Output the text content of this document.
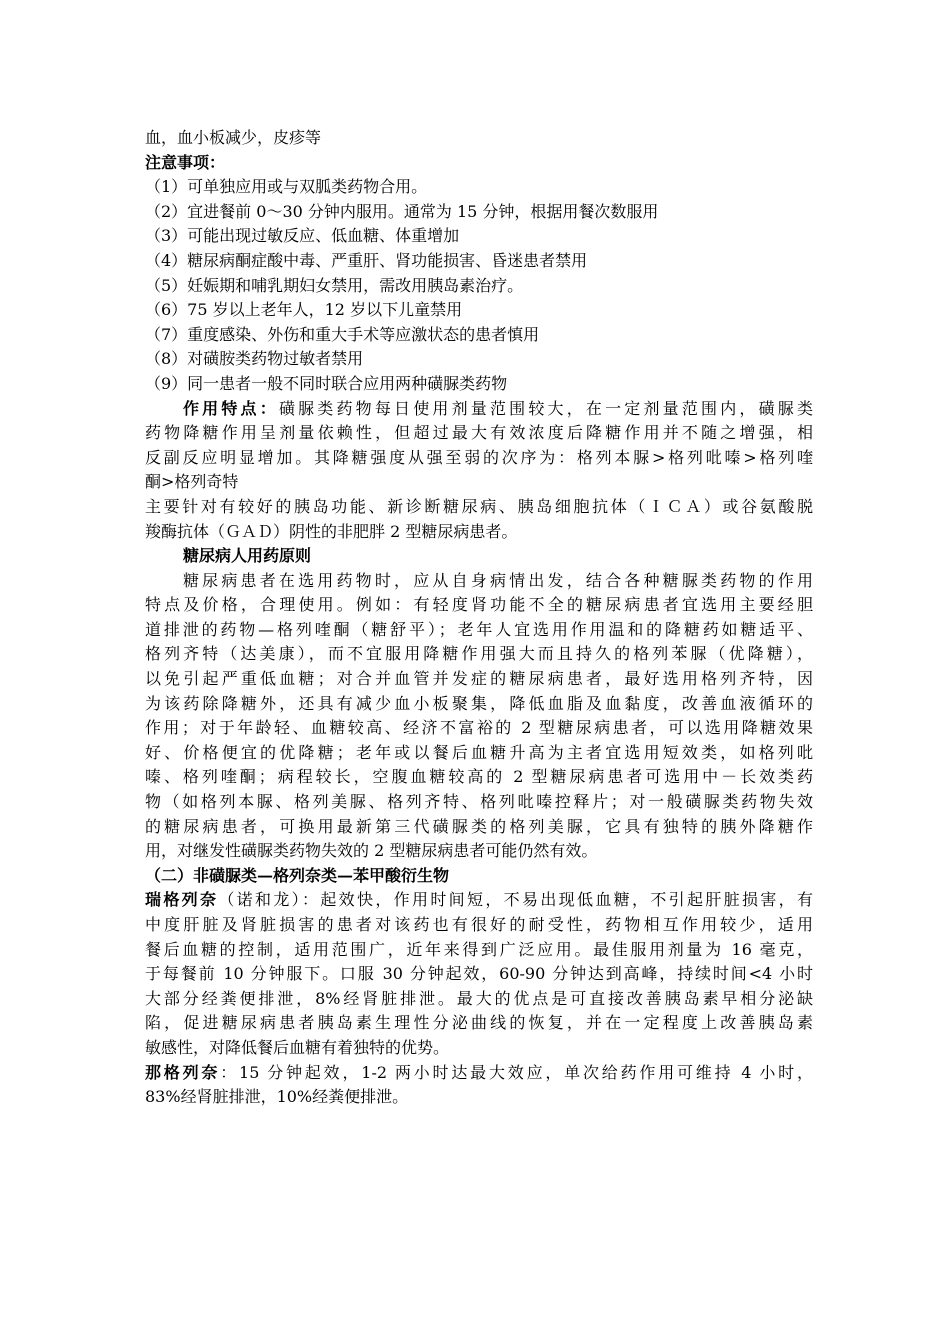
血，血小板减少，皮疹等
注意事项：
（1）可单独应用或与双胍类药物合用。
（2）宜进餐前 0～30 分钟内服用。通常为 15 分钟，根据用餐次数服用
（3）可能出现过敏反应、低血糖、体重增加
（4）糖尿病酮症酸中毒、严重肝、肾功能损害、昏迷患者禁用
（5）妊娠期和哺乳期妇女禁用，需改用胰岛素治疗。
（6）75 岁以上老年人，12 岁以下儿童禁用
（7）重度感染、外伤和重大手术等应激状态的患者慎用
（8）对磺胺类药物过敏者禁用
（9）同一患者一般不同时联合应用两种磺脲类药物
作用特点：磺脲类药物每日使用剂量范围较大，在一定剂量范围内，磺脲类
药物降糖作用呈剂量依赖性，但超过最大有效浓度后降糖作用并不随之增强，相
反副反应明显增加。其降糖强度从强至弱的次序为：格列本脲>格列吡嗪>格列喹
酮>格列奇特
主要针对有较好的胰岛功能、新诊断糖尿病、胰岛细胞抗体（ＩＣＡ）或谷氨酸脱
羧酶抗体（ＧＡＤ）阴性的非肥胖 2 型糖尿病患者。
糖尿病人用药原则
糖尿病患者在选用药物时，应从自身病情出发，结合各种糖脲类药物的作用
特点及价格，合理使用。例如：有轻度肾功能不全的糖尿病患者宜选用主要经胆
道排泄的药物—格列喹酮（糖舒平）；老年人宜选用作用温和的降糖药如糖适平、
格列齐特（达美康），而不宜服用降糖作用强大而且持久的格列苯脲（优降糖），
以免引起严重低血糖；对合并血管并发症的糖尿病患者，最好选用格列齐特，因
为该药除降糖外，还具有减少血小板聚集，降低血脂及血黏度，改善血液循环的
作用；对于年龄轻、血糖较高、经济不富裕的 2 型糖尿病患者，可以选用降糖效果
好、价格便宜的优降糖；老年或以餐后血糖升高为主者宜选用短效类，如格列吡
嗪、格列喹酮；病程较长，空腹血糖较高的 2 型糖尿病患者可选用中－长效类药
物（如格列本脲、格列美脲、格列齐特、格列吡嗪控释片；对一般磺脲类药物失效
的糖尿病患者，可换用最新第三代磺脲类的格列美脲，它具有独特的胰外降糖作
用，对继发性磺脲类药物失效的 2 型糖尿病患者可能仍然有效。
（二）非磺脲类—格列奈类—苯甲酸衍生物
瑞格列奈（诺和龙）：起效快，作用时间短，不易出现低血糖，不引起肝脏损害，有
中度肝脏及肾脏损害的患者对该药也有很好的耐受性，药物相互作用较少，适用
餐后血糖的控制，适用范围广，近年来得到广泛应用。最佳服用剂量为 16 毫克，
于每餐前 10 分钟服下。口服 30 分钟起效，60-90 分钟达到高峰，持续时间<4 小时
大部分经粪便排泄，8%经肾脏排泄。最大的优点是可直接改善胰岛素早相分泌缺
陷，促进糖尿病患者胰岛素生理性分泌曲线的恢复，并在一定程度上改善胰岛素
敏感性，对降低餐后血糖有着独特的优势。
那格列奈：15 分钟起效，1-2 两小时达最大效应，单次给药作用可维持 4 小时，
83%经肾脏排泄，10%经粪便排泄。
